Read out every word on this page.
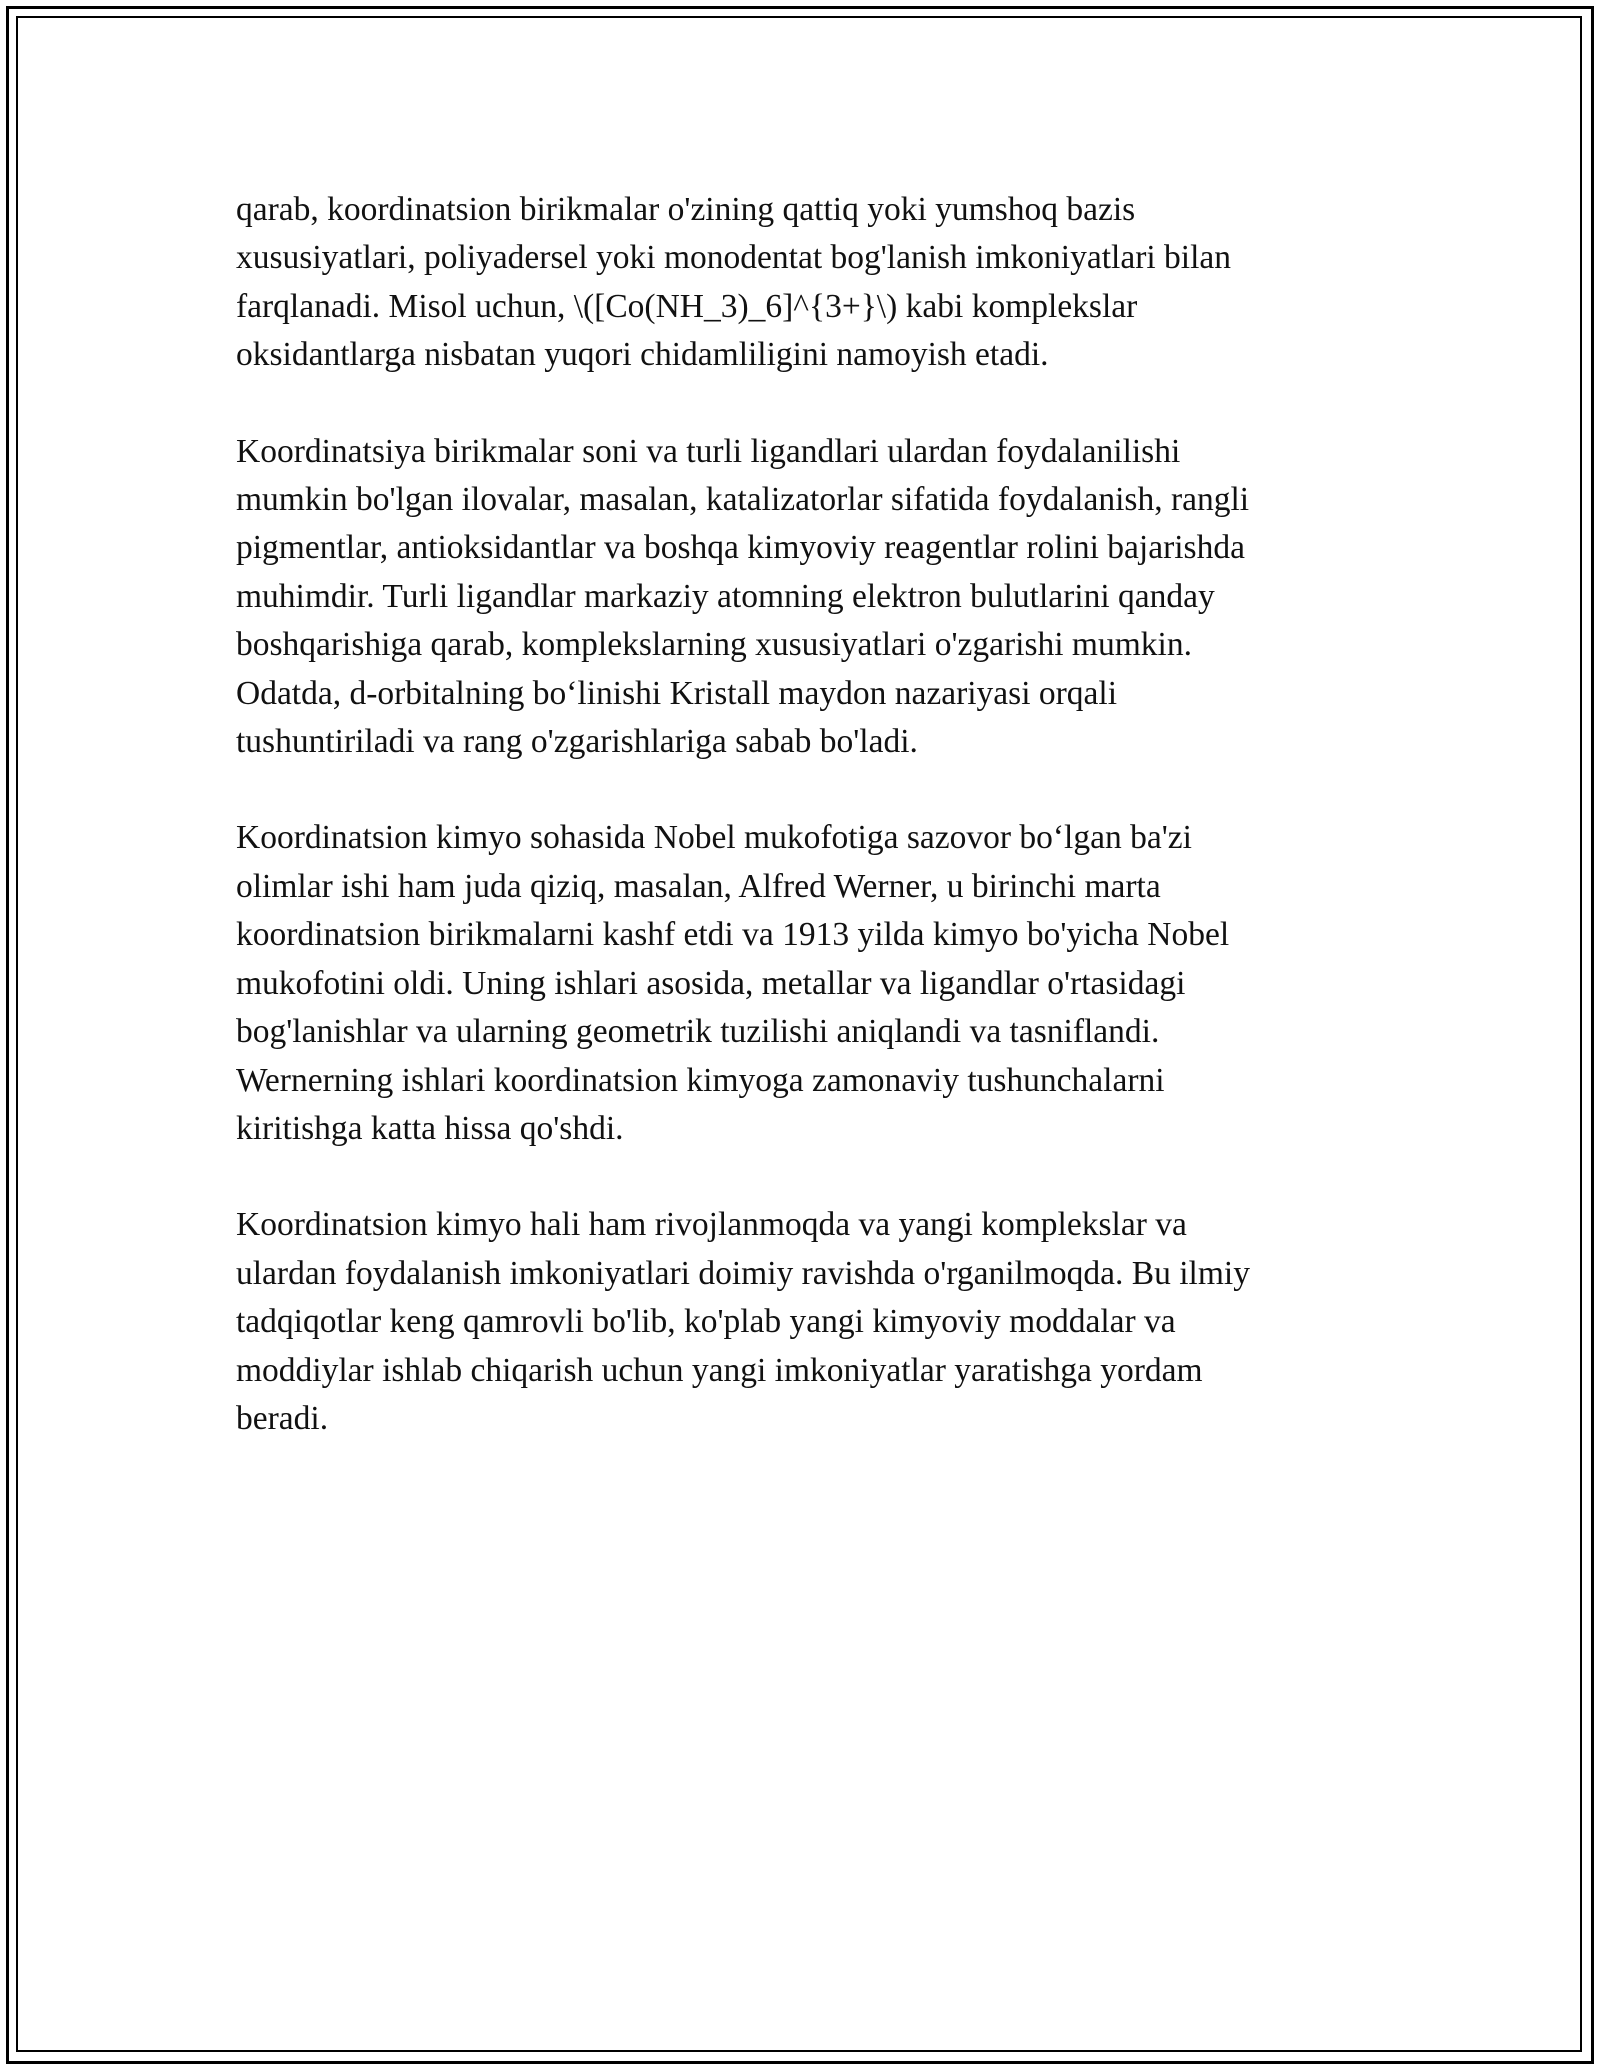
qarab, koordinatsion birikmalar o'zining qattiq yoki yumshoq bazis
xususiyatlari, poliyadersel yoki monodentat bog'lanish imkoniyatlari bilan
farqlanadi. Misol uchun, \([Co(NH_3)_6]^{3+}\) kabi komplekslar
oksidantlarga nisbatan yuqori chidamliligini namoyish etadi.

Koordinatsiya birikmalar soni va turli ligandlari ulardan foydalanilishi
mumkin bo'lgan ilovalar, masalan, katalizatorlar sifatida foydalanish, rangli
pigmentlar, antioksidantlar va boshqa kimyoviy reagentlar rolini bajarishda
muhimdir. Turli ligandlar markaziy atomning elektron bulutlarini qanday
boshqarishiga qarab, komplekslarning xususiyatlari o'zgarishi mumkin.
Odatda, d-orbitalning bo‘linishi Kristall maydon nazariyasi orqali
tushuntiriladi va rang o'zgarishlariga sabab bo'ladi.

Koordinatsion kimyo sohasida Nobel mukofotiga sazovor bo‘lgan ba'zi
olimlar ishi ham juda qiziq, masalan, Alfred Werner, u birinchi marta
koordinatsion birikmalarni kashf etdi va 1913 yilda kimyo bo'yicha Nobel
mukofotini oldi. Uning ishlari asosida, metallar va ligandlar o'rtasidagi
bog'lanishlar va ularning geometrik tuzilishi aniqlandi va tasniflandi.
Wernerning ishlari koordinatsion kimyoga zamonaviy tushunchalarni
kiritishga katta hissa qo'shdi.

Koordinatsion kimyo hali ham rivojlanmoqda va yangi komplekslar va
ulardan foydalanish imkoniyatlari doimiy ravishda o'rganilmoqda. Bu ilmiy
tadqiqotlar keng qamrovli bo'lib, ko'plab yangi kimyoviy moddalar va
moddiylar ishlab chiqarish uchun yangi imkoniyatlar yaratishga yordam
beradi.
